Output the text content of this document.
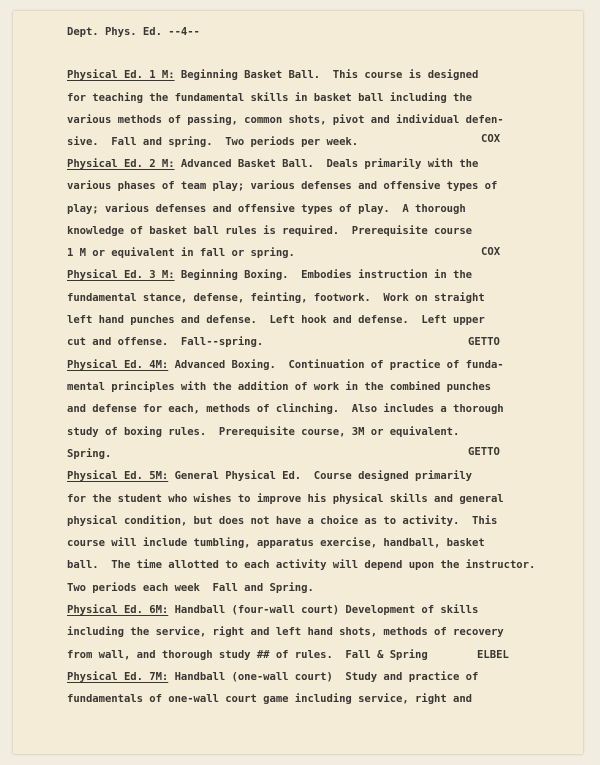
Dept. Phys. Ed. --4--
Physical Ed. 1 M: Beginning Basket Ball.  This course is designed
for teaching the fundamental skills in basket ball including the
various methods of passing, common shots, pivot and individual defen-
sive.  Fall and spring.  Two periods per week.	COX
Physical Ed. 2 M: Advanced Basket Ball.  Deals primarily with the
various phases of team play; various defenses and offensive types of
play; various defenses and offensive types of play.  A thorough
knowledge of basket ball rules is required.  Prerequisite course
1 M or equivalent in fall or spring.	COX
Physical Ed. 3 M: Beginning Boxing.  Embodies instruction in the
fundamental stance, defense, feinting, footwork.  Work on straight
left hand punches and defense.  Left hook and defense.  Left upper
cut and offense.  Fall--spring.	GETTO
Physical Ed. 4M: Advanced Boxing.  Continuation of practice of funda-
mental principles with the addition of work in the combined punches
and defense for each, methods of clinching.  Also includes a thorough
study of boxing rules.  Prerequisite course, 3M or equivalent.
Spring.	GETTO
Physical Ed. 5M: General Physical Ed.  Course designed primarily
for the student who wishes to improve his physical skills and general
physical condition, but does not have a choice as to activity.  This
course will include tumbling, apparatus exercise, handball, basket
ball.  The time allotted to each activity will depend upon the instructor.
Two periods each week  Fall and Spring.
Physical Ed. 6M: Handball (four-wall court) Development of skills
including the service, right and left hand shots, methods of recovery
from wall, and thorough study ## of rules.  Fall & Spring	ELBEL
Physical Ed. 7M: Handball (one-wall court)  Study and practice of
fundamentals of one-wall court game including service, right and
